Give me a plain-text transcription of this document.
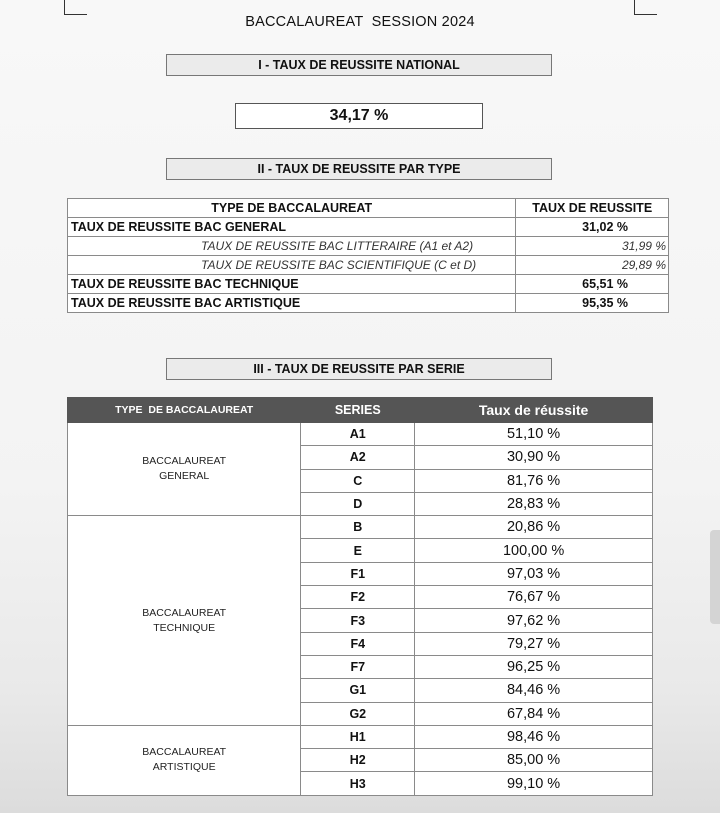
BACCALAUREAT  SESSION 2024
I - TAUX DE REUSSITE NATIONAL
34,17 %
II - TAUX DE REUSSITE PAR TYPE
TYPE DE BACCALAUREAT	TAUX DE REUSSITE
TAUX DE REUSSITE BAC GENERAL	31,02 %
TAUX DE REUSSITE BAC LITTERAIRE (A1 et A2)	31,99 %
TAUX DE REUSSITE BAC SCIENTIFIQUE (C et D)	29,89 %
TAUX DE REUSSITE BAC TECHNIQUE	65,51 %
TAUX DE REUSSITE BAC ARTISTIQUE	95,35 %
III - TAUX DE REUSSITE PAR SERIE
TYPE  DE BACCALAUREAT	SERIES	Taux de réussite

BACCALAUREAT
GENERAL	A1	51,10 %
	A2	30,90 %
	C	81,76 %
	D	28,83 %

BACCALAUREAT
TECHNIQUE	B	20,86 %
	E	100,00 %
	F1	97,03 %
	F2	76,67 %
	F3	97,62 %
	F4	79,27 %
	F7	96,25 %
	G1	84,46 %
	G2	67,84 %

BACCALAUREAT
ARTISTIQUE	H1	98,46 %
	H2	85,00 %
	H3	99,10 %
